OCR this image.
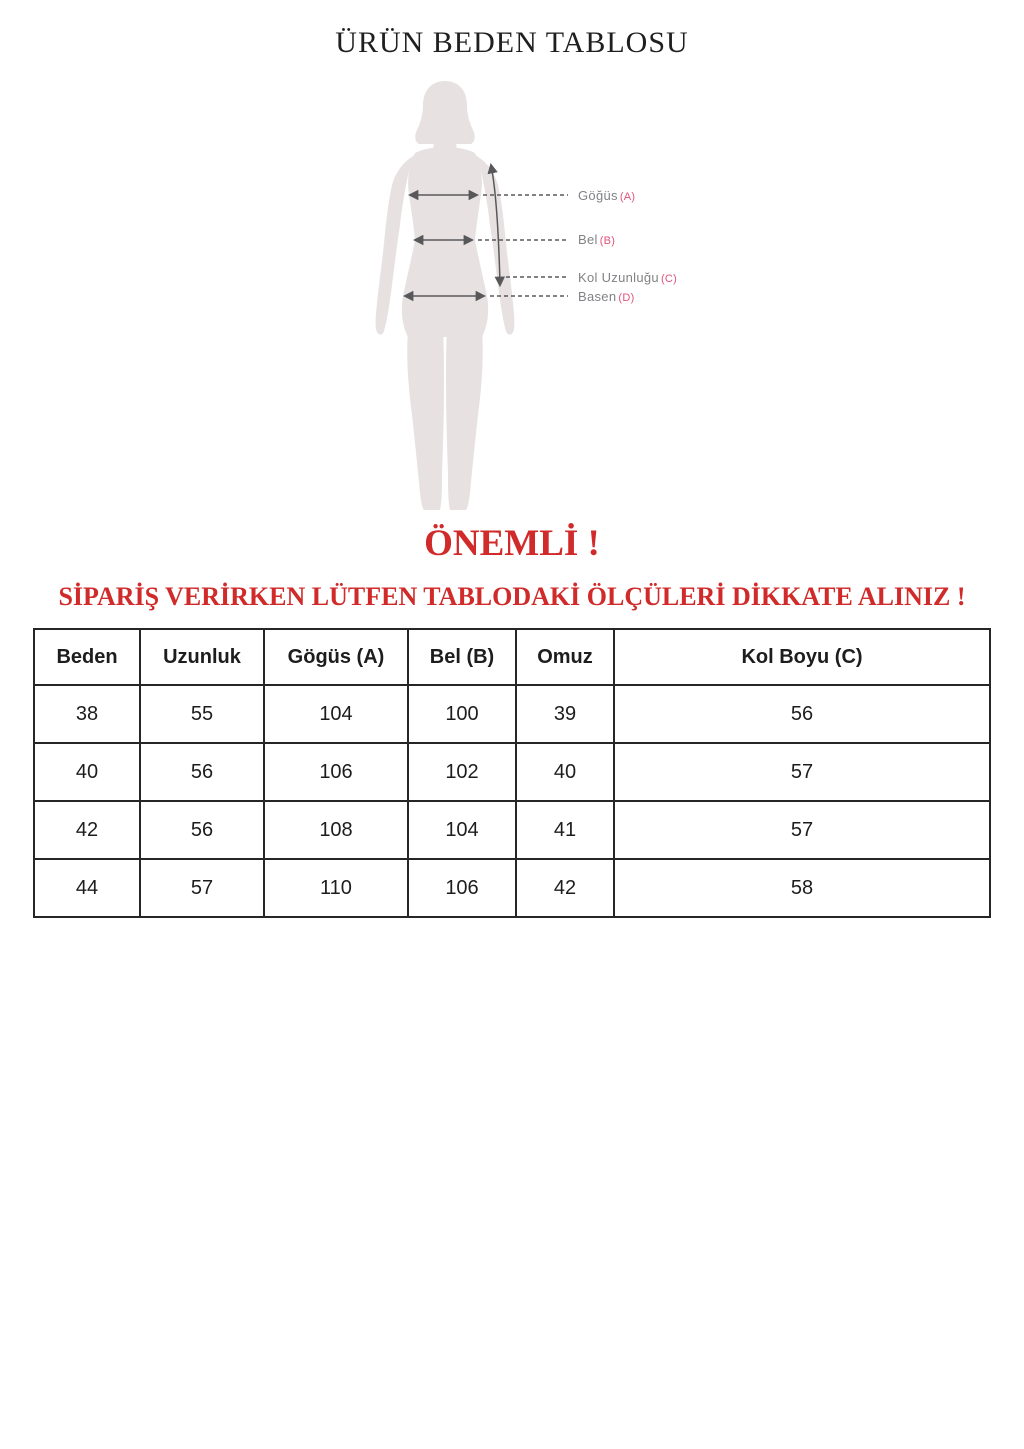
ÜRÜN BEDEN TABLOSU
Göğüs (A)
Bel (B)
Kol Uzunluğu (C)
Basen (D)
ÖNEMLİ !
SİPARİŞ VERİRKEN LÜTFEN TABLODAKİ ÖLÇÜLERİ DİKKATE ALINIZ !
Beden	Uzunluk	Gögüs (A)	Bel (B)	Omuz	Kol Boyu (C)
38	55	104	100	39	56
40	56	106	102	40	57
42	56	108	104	41	57
44	57	110	106	42	58
